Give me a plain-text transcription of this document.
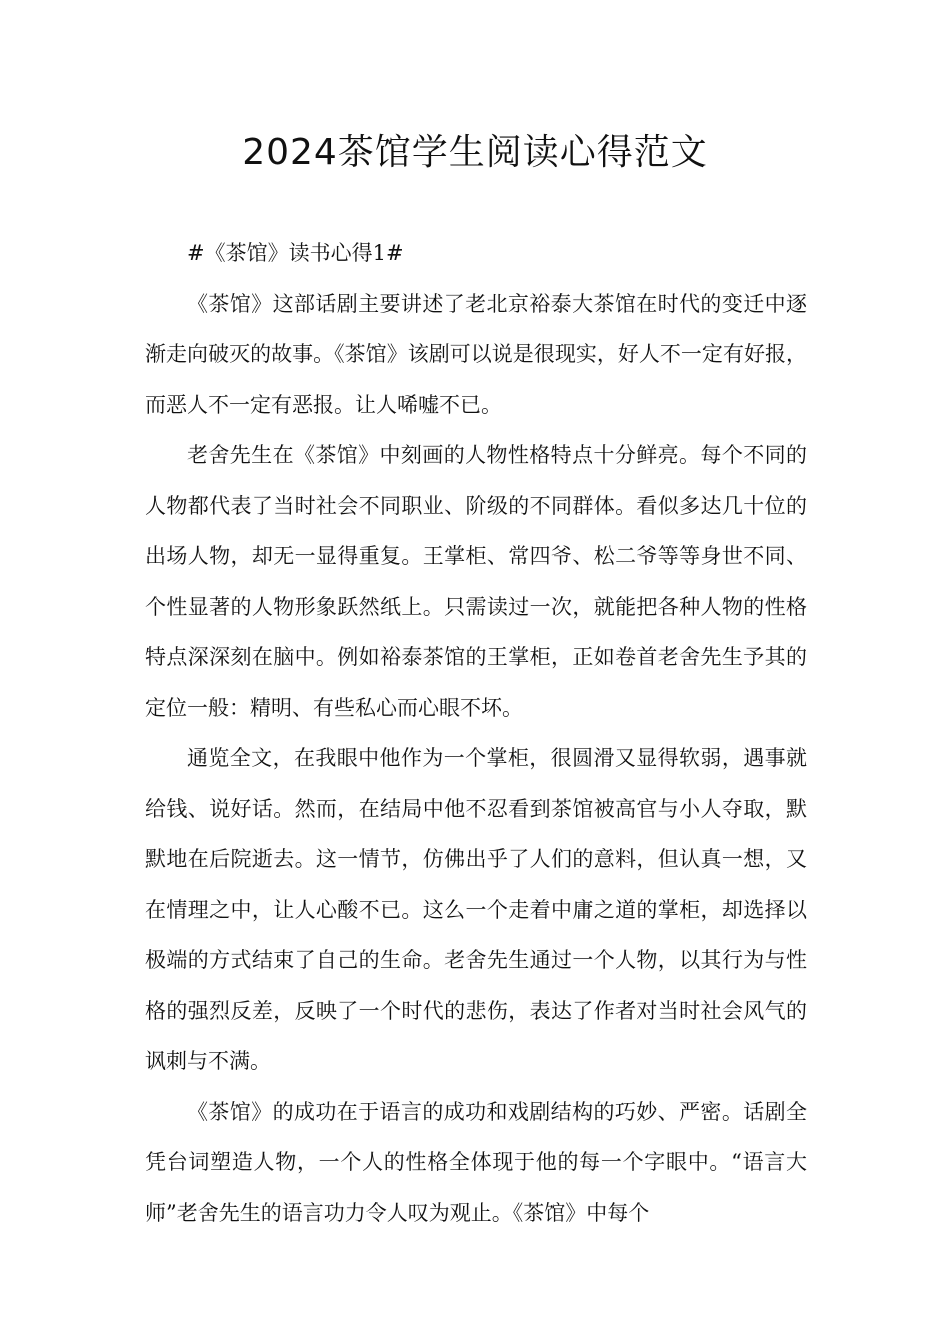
2024茶馆学生阅读心得范文

#《茶馆》读书心得1#

《茶馆》这部话剧主要讲述了老北京裕泰大茶馆在时代的变迁中逐渐走向破灭的故事。《茶馆》该剧可以说是很现实，好人不一定有好报，而恶人不一定有恶报。让人唏嘘不已。

老舍先生在《茶馆》中刻画的人物性格特点十分鲜亮。每个不同的人物都代表了当时社会不同职业、阶级的不同群体。看似多达几十位的出场人物，却无一显得重复。王掌柜、常四爷、松二爷等等身世不同、个性显著的人物形象跃然纸上。只需读过一次，就能把各种人物的性格特点深深刻在脑中。例如裕泰茶馆的王掌柜，正如卷首老舍先生予其的定位一般：精明、有些私心而心眼不坏。

通览全文，在我眼中他作为一个掌柜，很圆滑又显得软弱，遇事就给钱、说好话。然而，在结局中他不忍看到茶馆被高官与小人夺取，默默地在后院逝去。这一情节，仿佛出乎了人们的意料，但认真一想，又在情理之中，让人心酸不已。这么一个走着中庸之道的掌柜，却选择以极端的方式结束了自己的生命。老舍先生通过一个人物，以其行为与性格的强烈反差，反映了一个时代的悲伤，表达了作者对当时社会风气的讽刺与不满。

《茶馆》的成功在于语言的成功和戏剧结构的巧妙、严密。话剧全凭台词塑造人物，一个人的性格全体现于他的每一个字眼中。“语言大师”老舍先生的语言功力令人叹为观止。《茶馆》中每个
